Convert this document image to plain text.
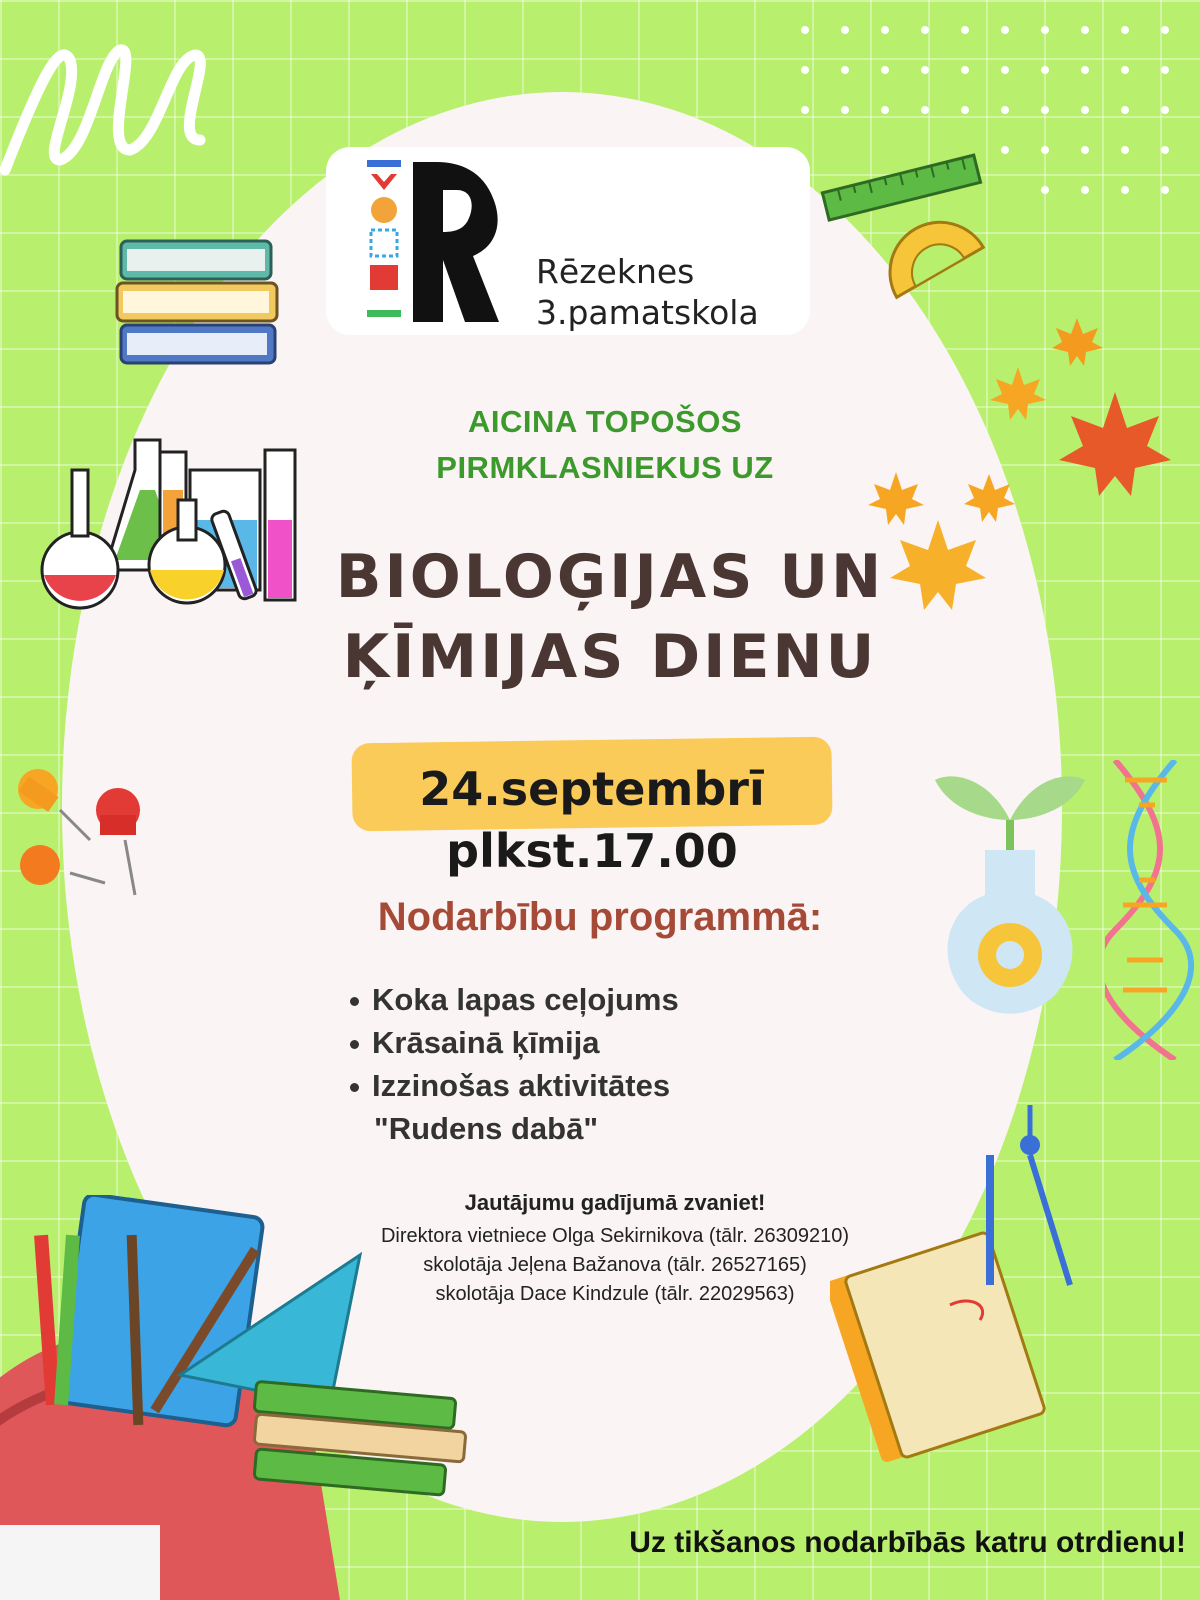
Rēzeknes
3.pamatskola
AICINA TOPOŠOS
PIRMKLASNIEKUS UZ
BIOLOĢIJAS UN
ĶĪMIJAS DIENU
24.septembrī
plkst.17.00
Nodarbību programmā:
Koka lapas ceļojums
Krāsainā ķīmija
Izzinošas aktivitātes
"Rudens dabā"
Jautājumu gadījumā zvaniet!
Direktora vietniece Olga Sekirnikova (tālr. 26309210)
skolotāja Jeļena Bažanova (tālr. 26527165)
skolotāja Dace Kindzule (tālr. 22029563)
Uz tikšanos nodarbībās katru otrdienu!
